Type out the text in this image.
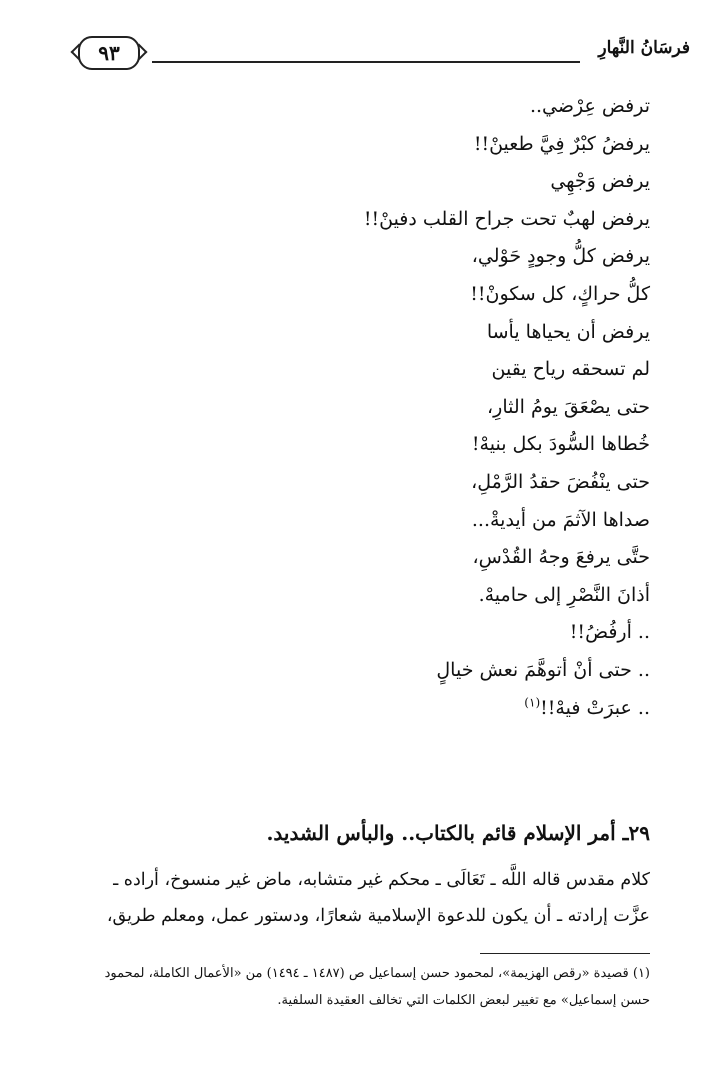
٩٣	فرسَانُ النَّهارِ
ترفض عِرْضي..
يرفضُ كبْرٌ فِيَّ طعينْ!!
يرفض وَجْهِي
يرفض لهبٌ تحت جراح القلب دفينْ!!
يرفض كلُّ وجودٍ حَوْلي،
كلُّ حراكٍ، كل سكونْ!!
يرفض أن يحياها يأسا
لم تسحقه رياح يقين
حتى يصْعَقَ يومُ الثارِ،
خُطاها السُّودَ بكل بنيهْ!
حتى ينْفُضَ حقدُ الرَّمْلِ،
صداها الآثمَ من أيديةْ...
حتَّى يرفعَ وجهُ القُدْسِ،
أذانَ النَّصْرِ إلى حاميهْ.
.. أرفُضُ!!
.. حتى أنْ أتوهَّمَ نعش خيالٍ
.. عبرَتْ فيهْ!!$^{(١)}$
٢٩ـ أمر الإسلام قائم بالكتاب.. والبأس الشديد.
كلام مقدس قاله اللَّه ـ تَعَالَى ـ محكم غير متشابه، ماض غير منسوخ، أراده ـ
عزَّت إرادته ـ أن يكون للدعوة الإسلامية شعارًا، ودستور عمل، ومعلم طريق،
(١) قصيدة «رقص الهزيمة»، لمحمود حسن إسماعيل ص (١٤٨٧ ـ ١٤٩٤) من «الأعمال الكاملة، لمحمود
حسن إسماعيل» مع تغيير لبعض الكلمات التي تخالف العقيدة السلفية.
